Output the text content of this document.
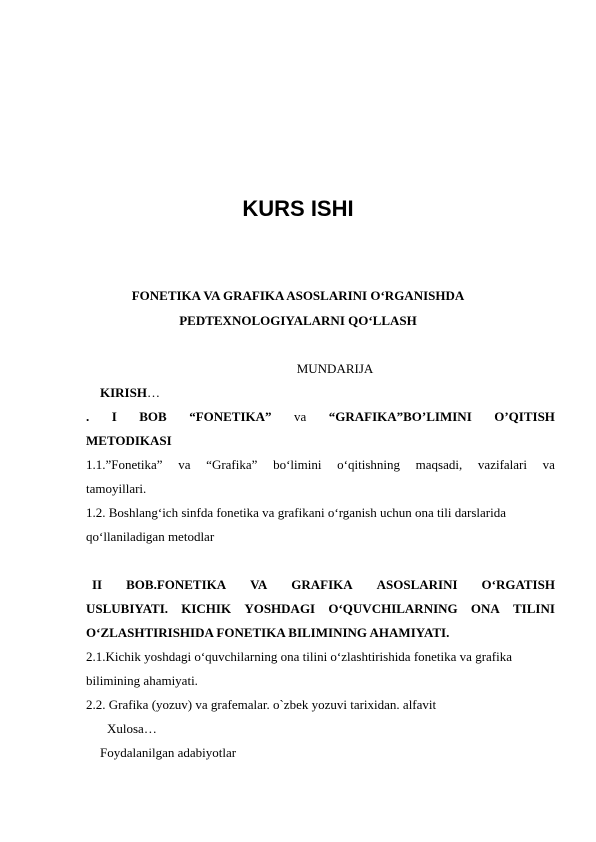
KURS ISHI
FONETIKA VA GRAFIKA ASOSLARINI O‘RGANISHDA
PEDTEXNOLOGIYALARNI QO‘LLASH
MUNDARIJA
KIRISH…
. I BOB “FONETIKA” va “GRAFIKA”BO’LIMINI O’QITISH
METODIKASI
1.1.”Fonetika” va “Grafika” bo‘limini o‘qitishning maqsadi, vazifalari va
tamoyillari.
1.2. Boshlang‘ich sinfda fonetika va grafikani o‘rganish uchun ona tili darslarida
qo‘llaniladigan metodlar
II BOB.FONETIKA VA GRAFIKA ASOSLARINI O‘RGATISH
USLUBIYATI. KICHIK YOSHDAGI O‘QUVCHILARNING ONA TILINI
O‘ZLASHTIRISHIDA FONETIKA BILIMINING AHAMIYATI.
2.1.Kichik yoshdagi o‘quvchilarning ona tilini o‘zlashtirishida fonetika va grafika
bilimining ahamiyati.
2.2. Grafika (yozuv) va grafemalar. o`zbek yozuvi tarixidan. alfavit
Xulosa…
Foydalanilgan adabiyotlar
